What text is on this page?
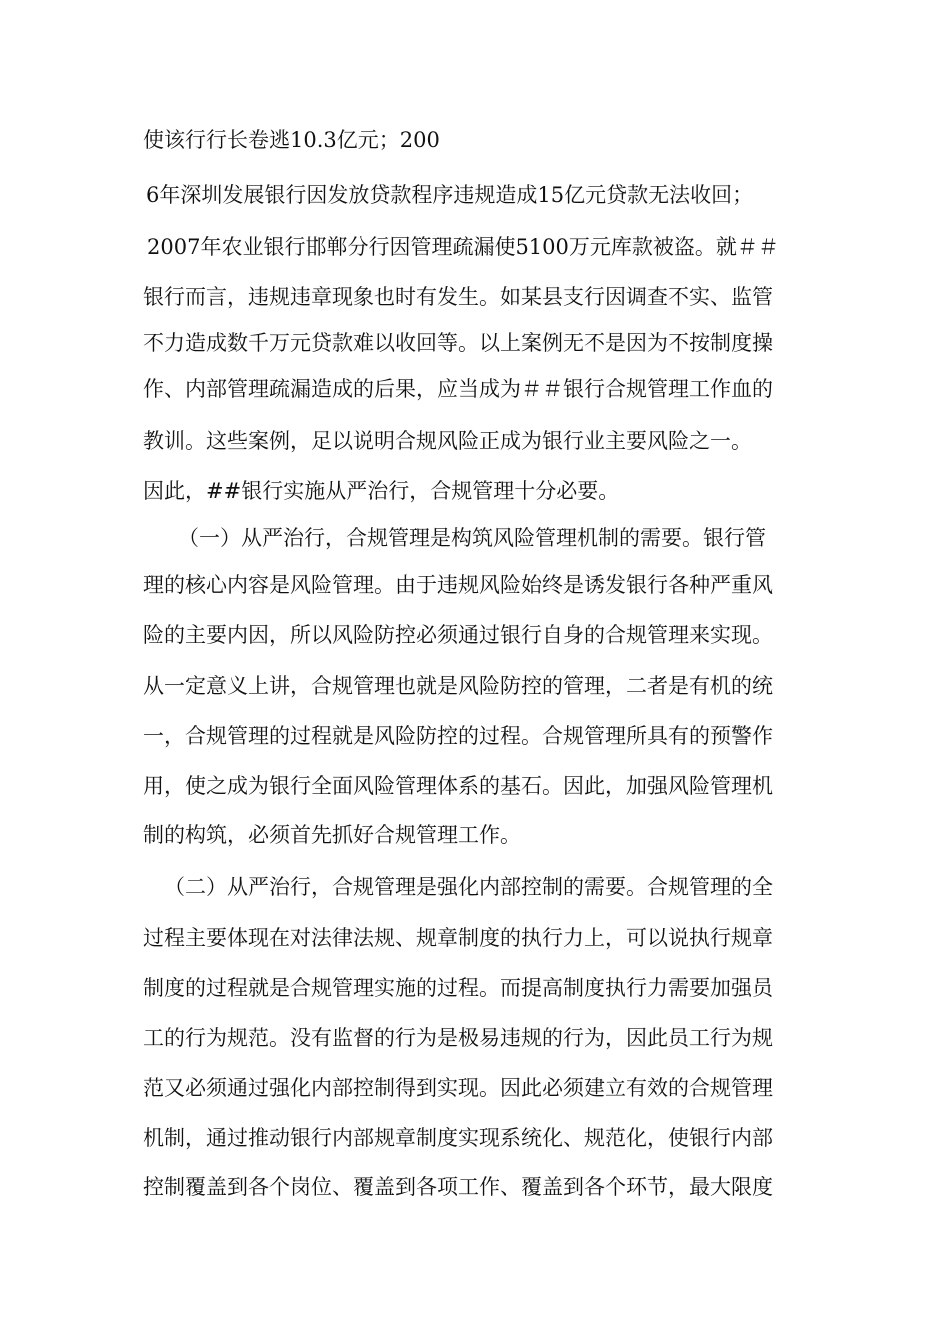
使该行行长卷逃10.3亿元；200

6年深圳发展银行因发放贷款程序违规造成15亿元贷款无法收回；

2007年农业银行邯郸分行因管理疏漏使5100万元库款被盗。就＃＃

银行而言，违规违章现象也时有发生。如某县支行因调查不实、监管

不力造成数千万元贷款难以收回等。以上案例无不是因为不按制度操

作、内部管理疏漏造成的后果，应当成为＃＃银行合规管理工作血的

教训。这些案例，足以说明合规风险正成为银行业主要风险之一。

因此，##银行实施从严治行，合规管理十分必要。

（一）从严治行，合规管理是构筑风险管理机制的需要。银行管

理的核心内容是风险管理。由于违规风险始终是诱发银行各种严重风

险的主要内因，所以风险防控必须通过银行自身的合规管理来实现。

从一定意义上讲，合规管理也就是风险防控的管理，二者是有机的统

一，合规管理的过程就是风险防控的过程。合规管理所具有的预警作

用，使之成为银行全面风险管理体系的基石。因此，加强风险管理机

制的构筑，必须首先抓好合规管理工作。

（二）从严治行，合规管理是强化内部控制的需要。合规管理的全

过程主要体现在对法律法规、规章制度的执行力上，可以说执行规章

制度的过程就是合规管理实施的过程。而提高制度执行力需要加强员

工的行为规范。没有监督的行为是极易违规的行为，因此员工行为规

范又必须通过强化内部控制得到实现。因此必须建立有效的合规管理

机制，通过推动银行内部规章制度实现系统化、规范化，使银行内部

控制覆盖到各个岗位、覆盖到各项工作、覆盖到各个环节，最大限度
